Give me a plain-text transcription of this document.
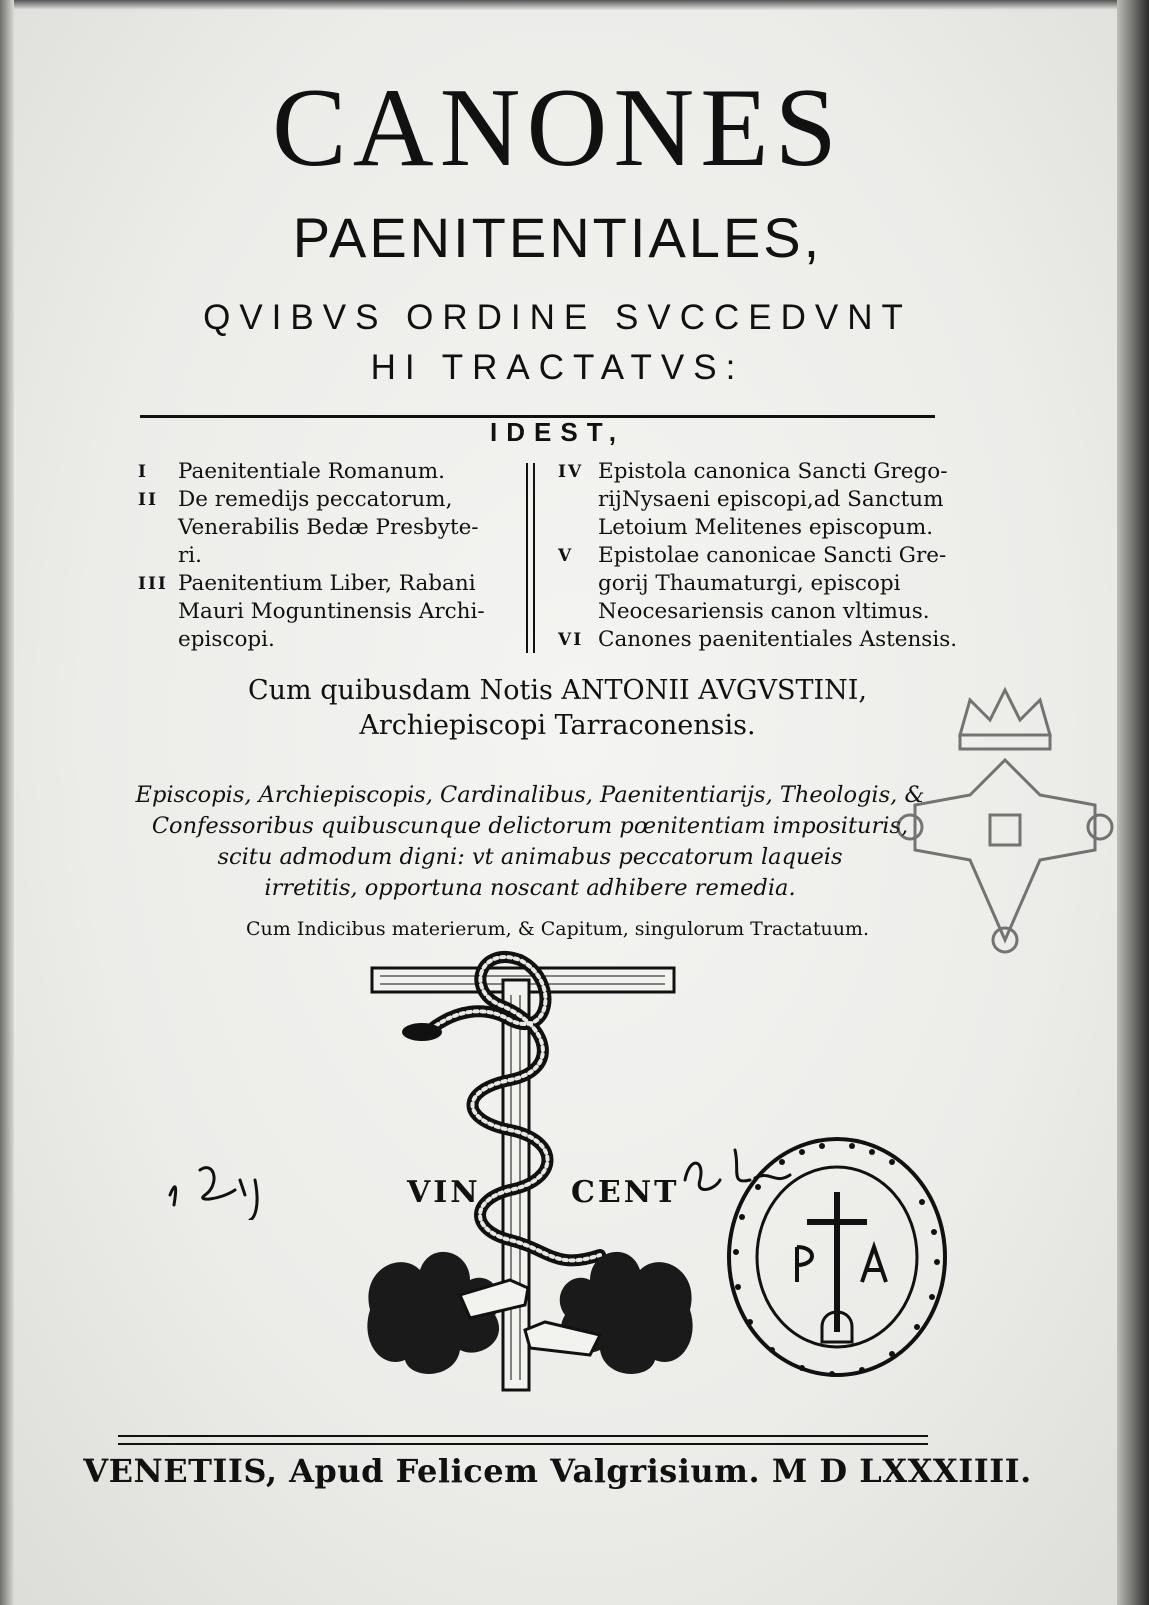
CANONES
PAENITENTIALES,
QVIBVS ORDINE SVCCEDVNT
HI TRACTATVS:
IDEST,
I	Paenitentiale Romanum.
II De remedijs peccatorum,
Venerabilis Bedæ Presbyte-
ri.
III Paenitentium Liber, Rabani
Mauri Moguntinensis Archi-
episcopi.
IV Epistola canonica Sancti Grego-
rijNysaeni episcopi,ad Sanctum
Letoium Melitenes episcopum.
V	Epistolae canonicae Sancti Gre-
gorij Thaumaturgi, episcopi
Neocesariensis canon vltimus.
VI Canones paenitentiales Astensis.
Cum quibusdam Notis ANTONII AVGVSTINI,
Archiepiscopi Tarraconensis.
Episcopis, Archiepiscopis, Cardinalibus, Paenitentiarijs, Theologis, &
Confessoribus quibuscunque delictorum pœnitentiam imposituris,
scitu admodum digni: vt animabus peccatorum laqueis
irretitis, opportuna noscant adhibere remedia.
Cum Indicibus materierum, & Capitum, singulorum Tractatuum.
VIN	CENT
VENETIIS, Apud Felicem Valgrisium. M D LXXXIIII.
